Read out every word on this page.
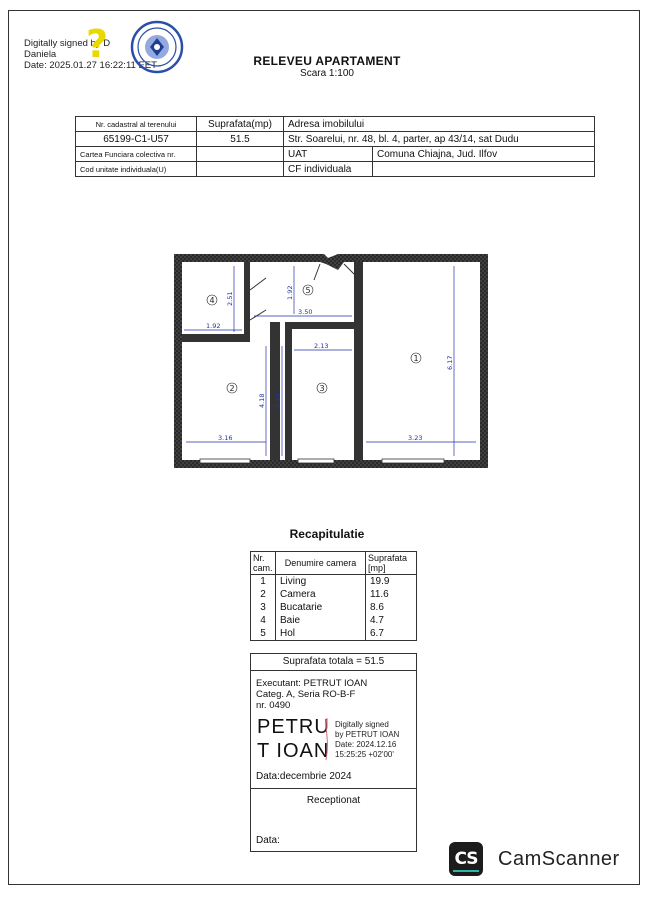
Digitally signed by D
Daniela
Date: 2025.01.27 16:22:11 EET
?	RELEVEU APARTAMENT
Scara 1:100
Nr. cadastral al terenului	Suprafata(mp)	Adresa imobilului	
65199-C1-U57	51.5	Str. Soarelui, nr. 48, bl. 4, parter, ap 43/14, sat Dudu	
Cartea Funciara colectiva nr.		UAT	Comuna Chiajna, Jud. Ilfov
Cod unitate individuala(U)		CF individuala	
1.92
2.51	1.92
3.50
2.13
4.18 4.18
3.16	3.23
6.17
4
5
2	3
1
Recapitulatie
Nr. cam.	Denumire camera	Suprafata [mp]
1	Living	19.9
2	Camera	11.6
3	Bucatarie	8.6
4	Baie	4.7
5	Hol	6.7
Suprafata totala = 51.5
Executant: PETRUT IOAN
Categ. A, Seria RO-B-F
nr. 0490
PETRU
T IOAN
Digitally signed
by PETRUT IOAN
Date: 2024.12.16
15:25:25 +02'00'
Data:decembrie 2024
Receptionat
Data:
CS CamScanner
